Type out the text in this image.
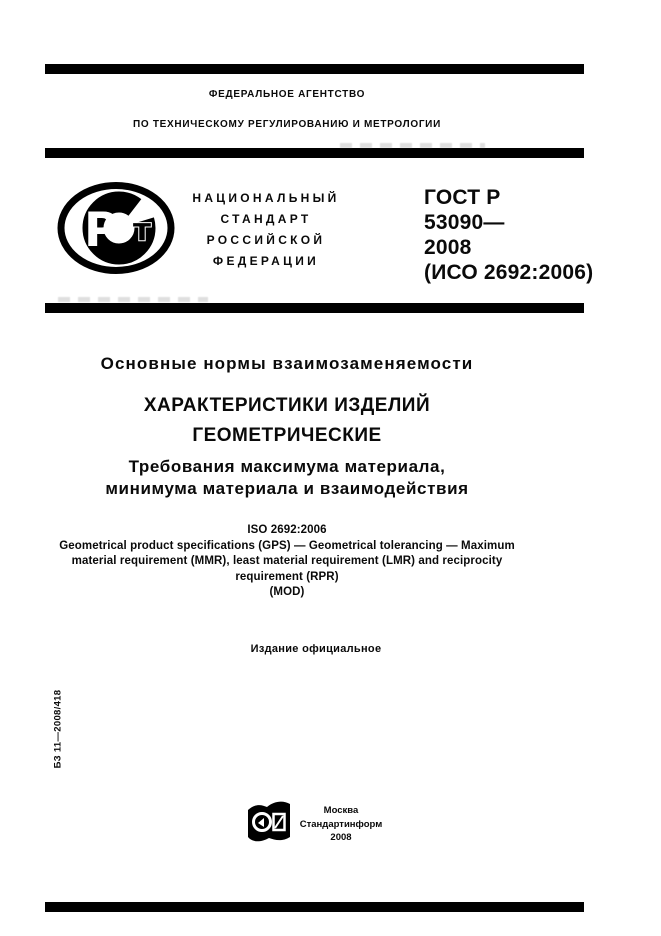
ФЕДЕРАЛЬНОЕ АГЕНТСТВО
ПО ТЕХНИЧЕСКОМУ РЕГУЛИРОВАНИЮ И МЕТРОЛОГИИ
Р т
НАЦИОНАЛЬНЫЙ
СТАНДАРТ
РОССИЙСКОЙ
ФЕДЕРАЦИИ
ГОСТ Р
53090—
2008
(ИСО 2692:2006)
Основные нормы взаимозаменяемости
ХАРАКТЕРИСТИКИ ИЗДЕЛИЙ
ГЕОМЕТРИЧЕСКИЕ
Требования максимума материала,
минимума материала и взаимодействия
ISO 2692:2006
Geometrical product specifications (GPS) — Geometrical tolerancing — Maximum
material requirement (MMR), least material requirement (LMR) and reciprocity
requirement (RPR)
(MOD)
Издание официальное
БЗ 11—2008/418
Москва
Стандартинформ
2008
